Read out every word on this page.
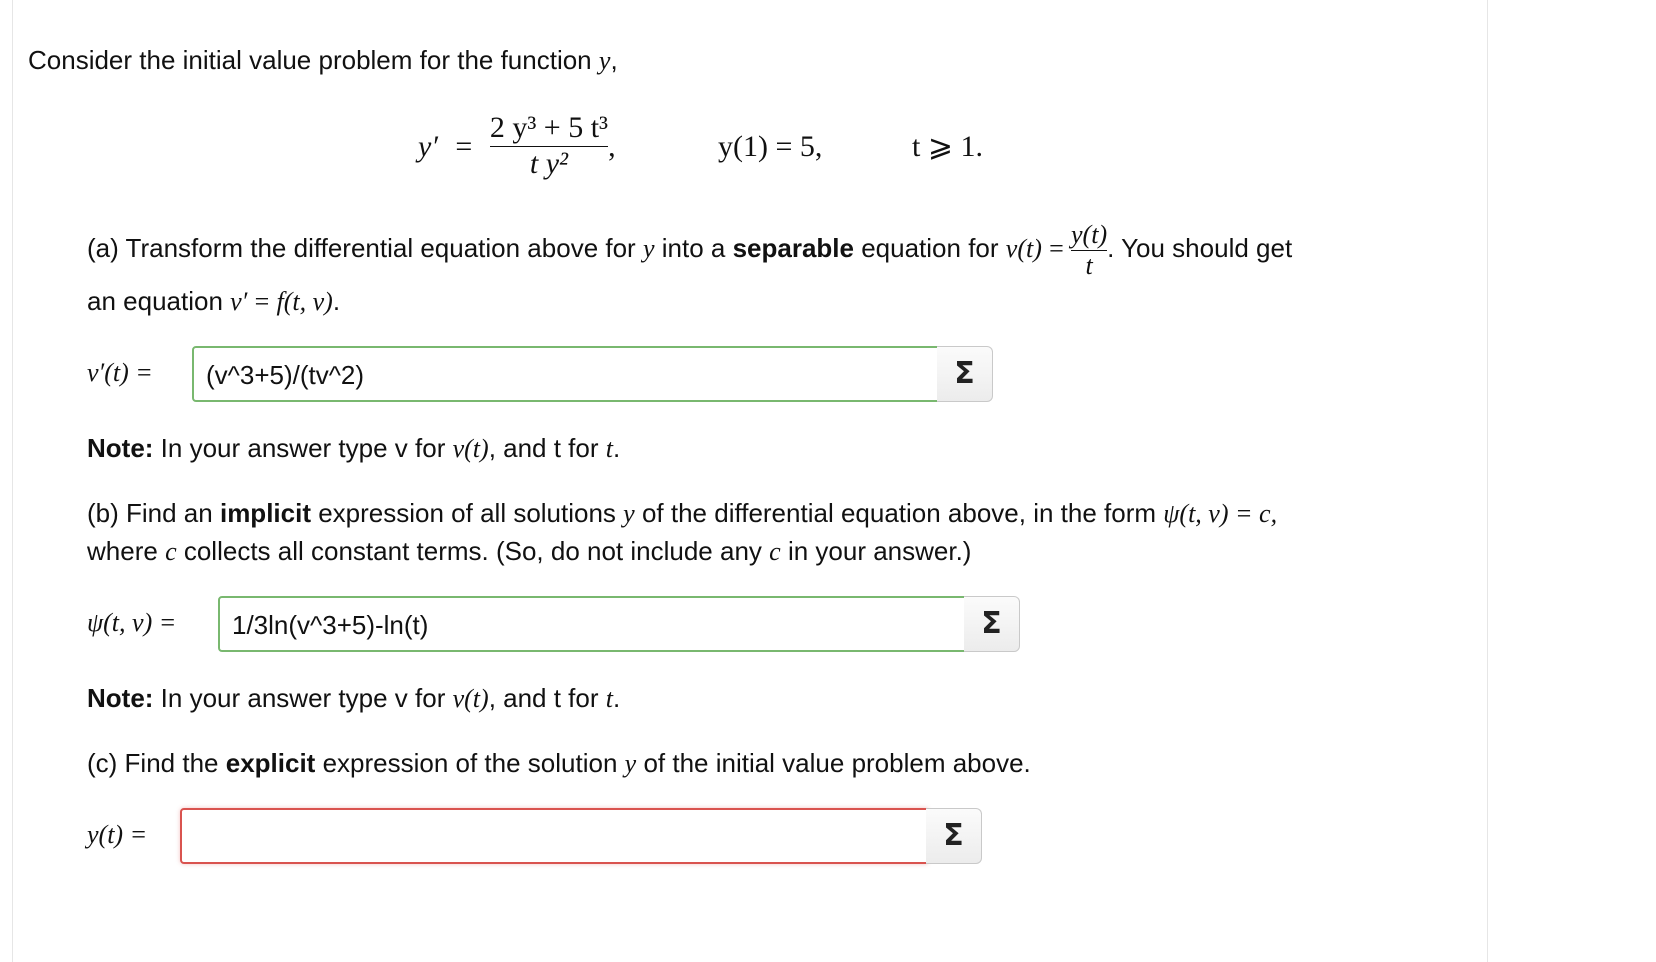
Consider the initial value problem for the function y,
$y' = \frac{\text{2 y³ + 5 t³}}{\text{t y²}}$ ,	y(1) = 5,	t ⩾ 1.
(a) Transform the differential equation above for y into a separable equation for $v(t) = \frac{y(t)}{t}$ . You should get
an equation v′ = f(t, v).
v′(t) =	(v^3+5)/(tv^2)	Σ
Note: In your answer type v for v(t), and t for t.
(b) Find an implicit expression of all solutions y of the differential equation above, in the form ψ(t, v) = c,
where c collects all constant terms. (So, do not include any c in your answer.)
ψ(t, v) =	1/3ln(v^3+5)-ln(t)	Σ
Note: In your answer type v for v(t), and t for t.
(c) Find the explicit expression of the solution y of the initial value problem above.
y(t) =	Σ
